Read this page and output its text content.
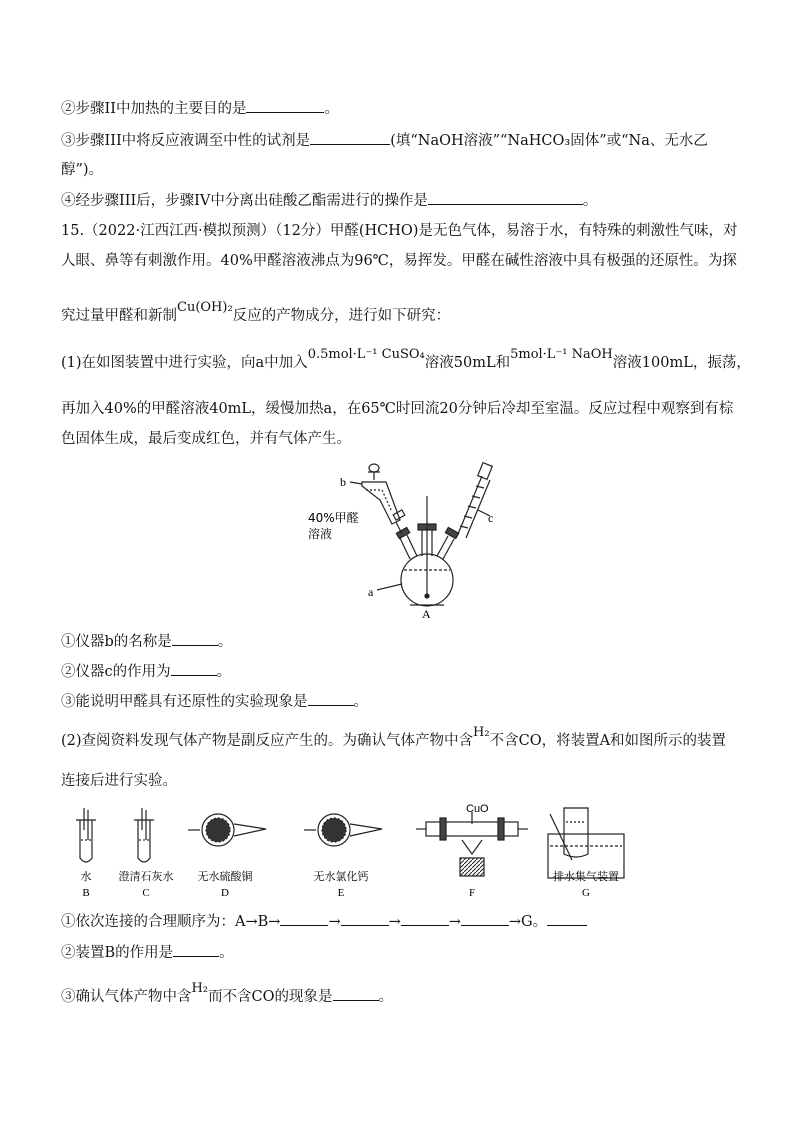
②步骤II中加热的主要目的是	。
③步骤III中将反应液调至中性的试剂是	(填“NaOH溶液”“NaHCO₃固体”或“Na、无水乙
醇”)。
④经步骤III后，步骤IV中分离出硅酸乙酯需进行的操作是	。
15.（2022·江西江西·模拟预测）（12分）甲醛(HCHO)是无色气体，易溶于水，有特殊的刺激性气味，对
人眼、鼻等有刺激作用。40%甲醛溶液沸点为96℃，易挥发。甲醛在碱性溶液中具有极强的还原性。为探
究过量甲醛和新制Cu(OH)₂反应的产物成分，进行如下研究：
(1)在如图装置中进行实验，向a中加入0.5mol·L⁻¹ CuSO₄溶液50mL和5mol·L⁻¹ NaOH溶液100mL，振荡，
再加入40%的甲醛溶液40mL，缓慢加热a，在65℃时回流20分钟后冷却至室温。反应过程中观察到有棕
色固体生成，最后变成红色，并有气体产生。
b
c
a
A
40%甲醛
溶液
①仪器b的名称是	。
②仪器c的作用为	。
③能说明甲醛具有还原性的实验现象是	。
(2)查阅资料发现气体产物是副反应产生的。为确认气体产物中含H₂不含CO，将装置A和如图所示的装置
连接后进行实验。
CuO
水
B
澄清石灰水
C
无水硫酸铜
D
无水氯化钙
E	F
排水集气装置
G
①依次连接的合理顺序为：A→B→	→	→	→	→G。
②装置B的作用是	。
③确认气体产物中含H₂而不含CO的现象是	。
